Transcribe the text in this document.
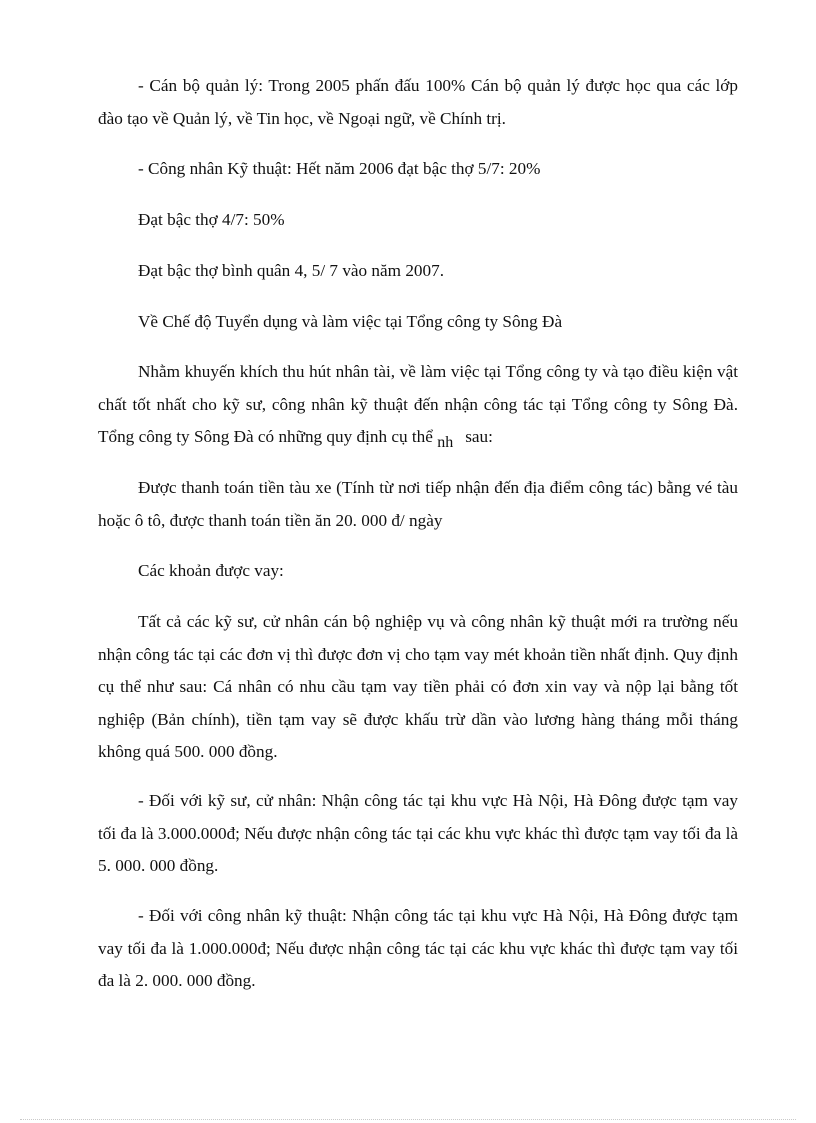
- Cán bộ quản lý: Trong 2005 phấn đấu 100% Cán bộ quản lý được học qua các lớp đào tạo về Quản lý, về Tin học, về Ngoại ngữ, về Chính trị.

- Công nhân Kỹ thuật: Hết năm 2006 đạt bậc thợ 5/7: 20%

Đạt bậc thợ 4/7: 50%

Đạt bậc thợ bình quân 4, 5/ 7 vào năm 2007.

Về Chế độ Tuyển dụng và làm việc tại Tổng công ty Sông Đà

Nhằm khuyến khích thu hút nhân tài, về làm việc tại Tổng công ty và tạo điều kiện vật chất tốt nhất cho kỹ sư, công nhân kỹ thuật đến nhận công tác tại Tổng công ty Sông Đà. Tổng công ty Sông Đà có những quy định cụ thể nh sau:

Được thanh toán tiền tàu xe (Tính từ nơi tiếp nhận đến địa điểm công tác) bằng vé tàu hoặc ô tô, được thanh toán tiền ăn 20. 000 đ/ ngày

Các khoản được vay:

Tất cả các kỹ sư, cử nhân cán bộ nghiệp vụ và công nhân kỹ thuật mới ra trường nếu nhận công tác tại các đơn vị thì được đơn vị cho tạm vay mét khoản tiền nhất định. Quy định cụ thể như sau: Cá nhân có nhu cầu tạm vay tiền phải có đơn xin vay và nộp lại bằng tốt nghiệp (Bản chính), tiền tạm vay sẽ được khấu trừ dần vào lương hàng tháng mỗi tháng không quá 500. 000 đồng.

- Đối với kỹ sư, cử nhân: Nhận công tác tại khu vực Hà Nội, Hà Đông được tạm vay tối đa là 3.000.000đ; Nếu được nhận công tác tại các khu vực khác thì được tạm vay tối đa là 5. 000. 000 đồng.

- Đối với công nhân kỹ thuật: Nhận công tác tại khu vực Hà Nội, Hà Đông được tạm vay tối đa là 1.000.000đ; Nếu được nhận công tác tại các khu vực khác thì được tạm vay tối đa là 2. 000. 000 đồng.
